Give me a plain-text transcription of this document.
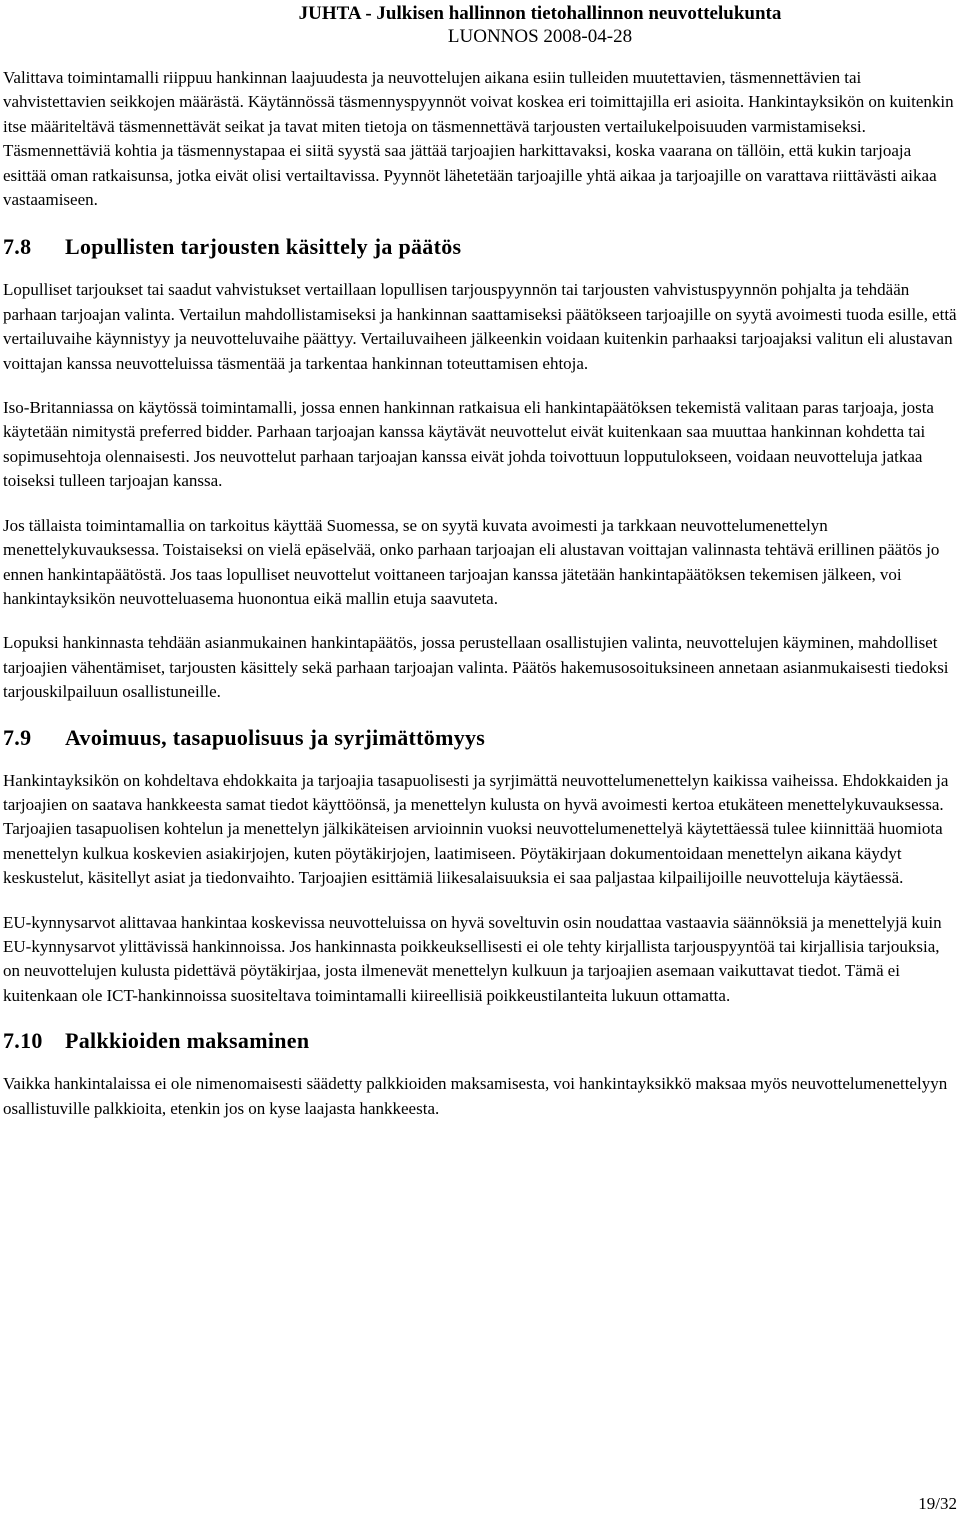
JUHTA - Julkisen hallinnon tietohallinnon neuvottelukunta
LUONNOS 2008-04-28

Valittava toimintamalli riippuu hankinnan laajuudesta ja neuvottelujen aikana esiin tulleiden muutettavien, täsmennettävien tai vahvistettavien seikkojen määrästä. Käytännössä täsmennyspyynnöt voivat koskea eri toimittajilla eri asioita. Hankintayksikön on kuitenkin itse määriteltävä täsmennettävät seikat ja tavat miten tietoja on täsmennettävä tarjousten vertailukelpoisuuden varmistamiseksi. Täsmennettäviä kohtia ja täsmennystapaa ei siitä syystä saa jättää tarjoajien harkittavaksi, koska vaarana on tällöin, että kukin tarjoaja esittää oman ratkaisunsa, jotka eivät olisi vertailtavissa. Pyynnöt lähetetään tarjoajille yhtä aikaa ja tarjoajille on varattava riittävästi aikaa vastaamiseen.

7.8 Lopullisten tarjousten käsittely ja päätös

Lopulliset tarjoukset tai saadut vahvistukset vertaillaan lopullisen tarjouspyynnön tai tarjousten vahvistuspyynnön pohjalta ja tehdään parhaan tarjoajan valinta. Vertailun mahdollistamiseksi ja hankinnan saattamiseksi päätökseen tarjoajille on syytä avoimesti tuoda esille, että vertailuvaihe käynnistyy ja neuvotteluvaihe päättyy. Vertailuvaiheen jälkeenkin voidaan kuitenkin parhaaksi tarjoajaksi valitun eli alustavan voittajan kanssa neuvotteluissa täsmentää ja tarkentaa hankinnan toteuttamisen ehtoja.

Iso-Britanniassa on käytössä toimintamalli, jossa ennen hankinnan ratkaisua eli hankintapäätöksen tekemistä valitaan paras tarjoaja, josta käytetään nimitystä preferred bidder. Parhaan tarjoajan kanssa käytävät neuvottelut eivät kuitenkaan saa muuttaa hankinnan kohdetta tai sopimusehtoja olennaisesti. Jos neuvottelut parhaan tarjoajan kanssa eivät johda toivottuun lopputulokseen, voidaan neuvotteluja jatkaa toiseksi tulleen tarjoajan kanssa.

Jos tällaista toimintamallia on tarkoitus käyttää Suomessa, se on syytä kuvata avoimesti ja tarkkaan neuvottelumenettelyn menettelykuvauksessa. Toistaiseksi on vielä epäselvää, onko parhaan tarjoajan eli alustavan voittajan valinnasta tehtävä erillinen päätös jo ennen hankintapäätöstä. Jos taas lopulliset neuvottelut voittaneen tarjoajan kanssa jätetään hankintapäätöksen tekemisen jälkeen, voi hankintayksikön neuvotteluasema huonontua eikä mallin etuja saavuteta.

Lopuksi hankinnasta tehdään asianmukainen hankintapäätös, jossa perustellaan osallistujien valinta, neuvottelujen käyminen, mahdolliset tarjoajien vähentämiset, tarjousten käsittely sekä parhaan tarjoajan valinta. Päätös hakemusosoituksineen annetaan asianmukaisesti tiedoksi tarjouskilpailuun osallistuneille.

7.9 Avoimuus, tasapuolisuus ja syrjimättömyys

Hankintayksikön on kohdeltava ehdokkaita ja tarjoajia tasapuolisesti ja syrjimättä neuvottelumenettelyn kaikissa vaiheissa. Ehdokkaiden ja tarjoajien on saatava hankkeesta samat tiedot käyttöönsä, ja menettelyn kulusta on hyvä avoimesti kertoa etukäteen menettelykuvauksessa. Tarjoajien tasapuolisen kohtelun ja menettelyn jälkikäteisen arvioinnin vuoksi neuvottelumenettelyä käytettäessä tulee kiinnittää huomiota menettelyn kulkua koskevien asiakirjojen, kuten pöytäkirjojen, laatimiseen. Pöytäkirjaan dokumentoidaan menettelyn aikana käydyt keskustelut, käsitellyt asiat ja tiedonvaihto. Tarjoajien esittämiä liikesalaisuuksia ei saa paljastaa kilpailijoille neuvotteluja käytäessä.

EU-kynnysarvot alittavaa hankintaa koskevissa neuvotteluissa on hyvä soveltuvin osin noudattaa vastaavia säännöksiä ja menettelyjä kuin EU-kynnysarvot ylittävissä hankinnoissa. Jos hankinnasta poikkeuksellisesti ei ole tehty kirjallista tarjouspyyntöä tai kirjallisia tarjouksia, on neuvottelujen kulusta pidettävä pöytäkirjaa, josta ilmenevät menettelyn kulkuun ja tarjoajien asemaan vaikuttavat tiedot. Tämä ei kuitenkaan ole ICT-hankinnoissa suositeltava toimintamalli kiireellisiä poikkeustilanteita lukuun ottamatta.

7.10 Palkkioiden maksaminen

Vaikka hankintalaissa ei ole nimenomaisesti säädetty palkkioiden maksamisesta, voi hankintayksikkö maksaa myös neuvottelumenettelyyn osallistuville palkkioita, etenkin jos on kyse laajasta hankkeesta.

19/32
